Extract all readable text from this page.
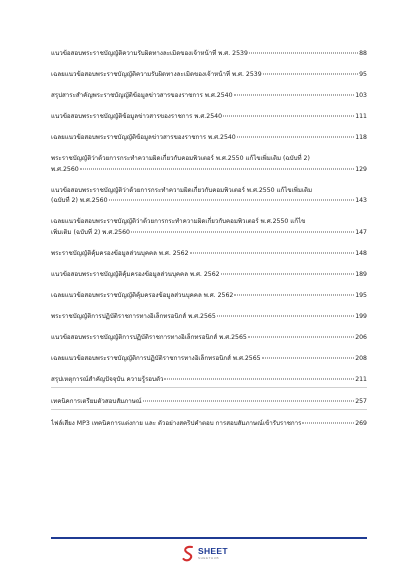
แนวข้อสอบพระราชบัญญัติความรับผิดทางละเมิดของเจ้าหน้าที่ พ.ศ. 2539	88
เฉลยแนวข้อสอบพระราชบัญญัติความรับผิดทางละเมิดของเจ้าหน้าที่ พ.ศ. 2539	95
สรุปสาระสำคัญพระราชบัญญัติข้อมูลข่าวสารของราชการ พ.ศ.2540	103
แนวข้อสอบพระราชบัญญัติข้อมูลข่าวสารของราชการ พ.ศ.2540	111
เฉลยแนวข้อสอบพระราชบัญญัติข้อมูลข่าวสารของราชการ พ.ศ.2540	118
พระราชบัญญัติว่าด้วยการกระทำความผิดเกี่ยวกับคอมพิวเตอร์ พ.ศ.2550 แก้ไขเพิ่มเติม (ฉบับที่ 2)
พ.ศ.2560	129
แนวข้อสอบพระราชบัญญัติว่าด้วยการกระทำความผิดเกี่ยวกับคอมพิวเตอร์ พ.ศ.2550 แก้ไขเพิ่มเติม
(ฉบับที่ 2) พ.ศ.2560	143
เฉลยแนวข้อสอบพระราชบัญญัติว่าด้วยการกระทำความผิดเกี่ยวกับคอมพิวเตอร์ พ.ศ.2550 แก้ไข
เพิ่มเติม (ฉบับที่ 2) พ.ศ.2560	147
พระราชบัญญัติคุ้มครองข้อมูลส่วนบุคคล พ.ศ. 2562	148
แนวข้อสอบพระราชบัญญัติคุ้มครองข้อมูลส่วนบุคคล พ.ศ. 2562	189
เฉลยแนวข้อสอบพระราชบัญญัติคุ้มครองข้อมูลส่วนบุคคล พ.ศ. 2562	195
พระราชบัญญัติการปฏิบัติราชการทางอิเล็กทรอนิกส์ พ.ศ.2565	199
แนวข้อสอบพระราชบัญญัติการปฏิบัติราชการทางอิเล็กทรอนิกส์ พ.ศ.2565	206
เฉลยแนวข้อสอบพระราชบัญญัติการปฏิบัติราชการทางอิเล็กทรอนิกส์ พ.ศ.2565	208
สรุปเหตุการณ์สำคัญปัจจุบัน ความรู้รอบตัว	211
เทคนิคการเตรียมตัวสอบสัมภาษณ์	257
ไฟล์เสียง MP3 เทคนิคการแต่งกาย และ ตัวอย่างสคริปคำตอบ การสอบสัมภาษณ์เข้ารับราชการ	269
SHEET
SHEETHUB
